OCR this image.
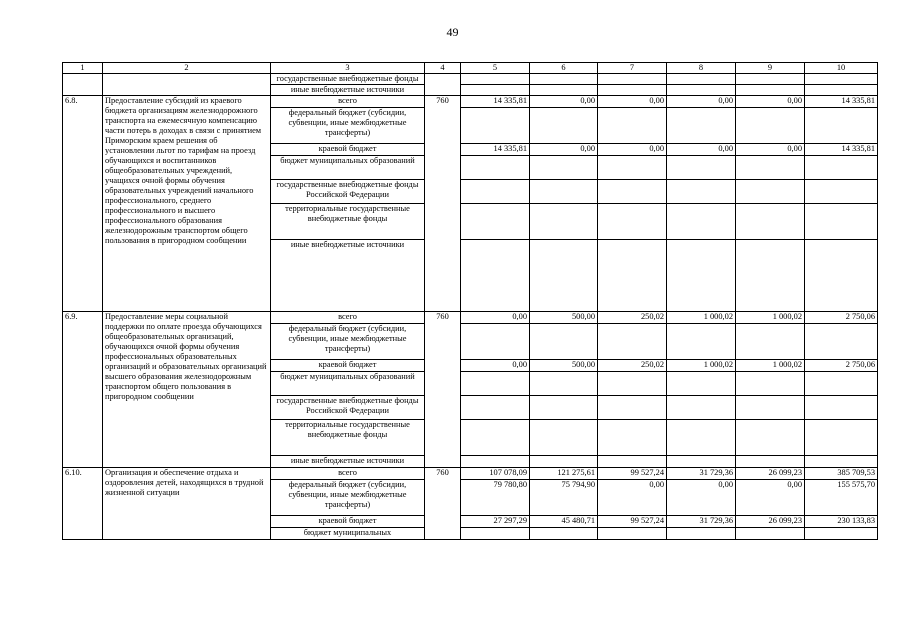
49
1	2	3	4	5	6	7	8	9	10
		государственные внебюджетные фонды							
		иные внебюджетные источники							
6.8.	Предоставление субсидий из краевого бюджета организациям железнодорожного транспорта на ежемесячную компенсацию части потерь в доходах в связи с принятием Приморским краем решения об установлении льгот по тарифам на проезд обучающихся и воспитанников общеобразовательных учреждений, учащихся очной формы обучения образовательных учреждений начального профессионального, среднего профессионального и высшего профессионального образования железнодорожным транспортом общего пользования в пригородном сообщении	всего	760	14 335,81	0,00	0,00	0,00	0,00	14 335,81
		федеральный бюджет (субсидии, субвенции, иные межбюджетные трансферты)							
		краевой бюджет		14 335,81	0,00	0,00	0,00	0,00	14 335,81
		бюджет муниципальных образований							
		государственные внебюджетные фонды Российской Федерации							
		территориальные государственные внебюджетные фонды							
		иные внебюджетные источники							
6.9.	Предоставление меры социальной поддержки по оплате проезда обучающихся общеобразовательных организаций, обучающихся очной формы обучения профессиональных образовательных организаций и образовательных организаций высшего образования железнодорожным транспортом общего пользования в пригородном сообщении	всего	760	0,00	500,00	250,02	1 000,02	1 000,02	2 750,06
		федеральный бюджет (субсидии, субвенции, иные межбюджетные трансферты)							
		краевой бюджет		0,00	500,00	250,02	1 000,02	1 000,02	2 750,06
		бюджет муниципальных образований							
		государственные внебюджетные фонды Российской Федерации							
		территориальные государственные внебюджетные фонды							
		иные внебюджетные источники							
6.10.	Организация и обеспечение отдыха и оздоровления детей, находящихся в трудной жизненной ситуации	всего	760	107 078,09	121 275,61	99 527,24	31 729,36	26 099,23	385 709,53
		федеральный бюджет (субсидии, субвенции, иные межбюджетные трансферты)		79 780,80	75 794,90	0,00	0,00	0,00	155 575,70
		краевой бюджет		27 297,29	45 480,71	99 527,24	31 729,36	26 099,23	230 133,83
		бюджет муниципальных							
